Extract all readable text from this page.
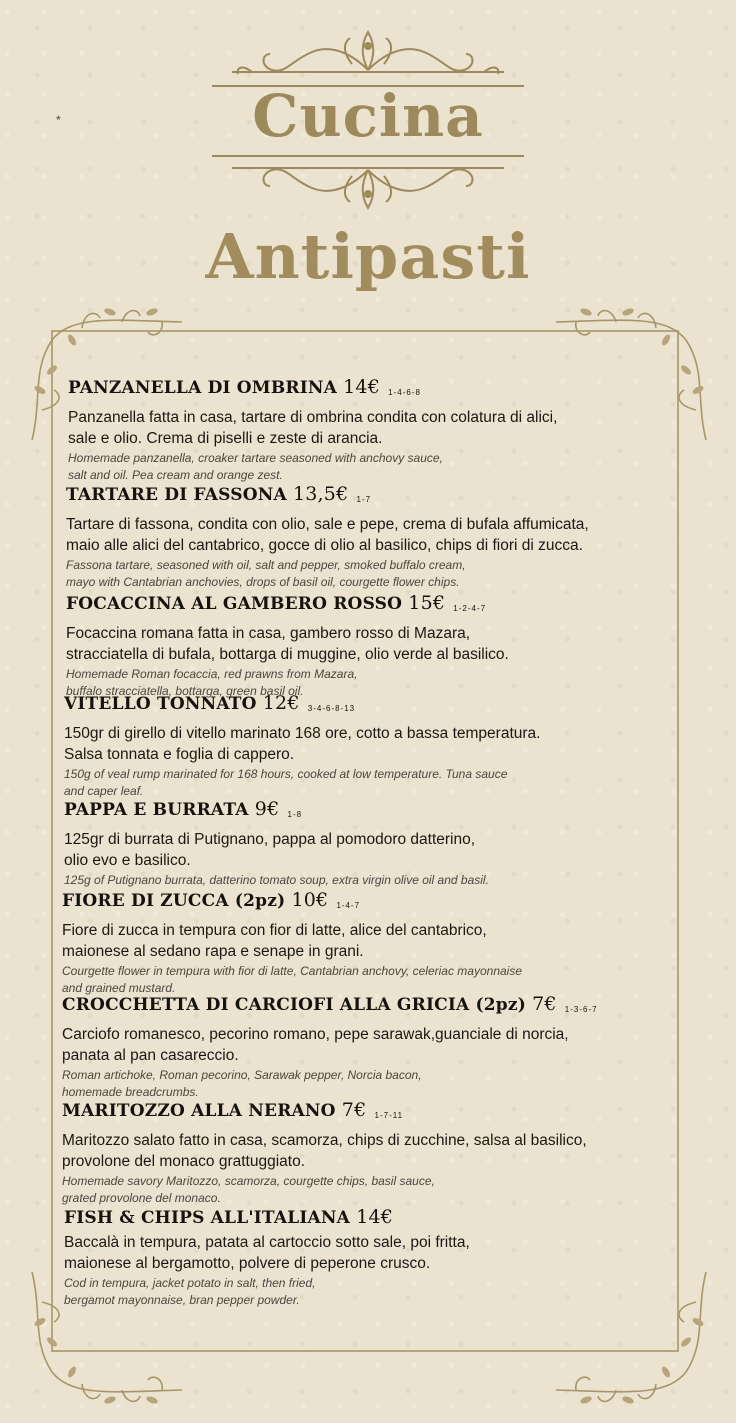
*	Cucina
Antipasti
PANZANELLA DI OMBRINA 14€ 1-4-6-8
Panzanella fatta in casa, tartare di ombrina condita con colatura di alici,
sale e olio. Crema di piselli e zeste di arancia.
Homemade panzanella, croaker tartare seasoned with anchovy sauce,
salt and oil. Pea cream and orange zest.
TARTARE DI FASSONA 13,5€ 1-7
Tartare di fassona, condita con olio, sale e pepe, crema di bufala affumicata,
maio alle alici del cantabrico, gocce di olio al basilico, chips di fiori di zucca.
Fassona tartare, seasoned with oil, salt and pepper, smoked buffalo cream,
mayo with Cantabrian anchovies, drops of basil oil, courgette flower chips.
FOCACCINA AL GAMBERO ROSSO 15€ 1-2-4-7
Focaccina romana fatta in casa, gambero rosso di Mazara,
stracciatella di bufala, bottarga di muggine, olio verde al basilico.
Homemade Roman focaccia, red prawns from Mazara,
buffalo stracciatella, bottarga, green basil oil.
VITELLO TONNATO 12€ 3-4-6-8-13
150gr di girello di vitello marinato 168 ore, cotto a bassa temperatura.
Salsa tonnata e foglia di cappero.
150g of veal rump marinated for 168 hours, cooked at low temperature. Tuna sauce
and caper leaf.
PAPPA E BURRATA 9€ 1-8
125gr di burrata di Putignano, pappa al pomodoro datterino,
olio evo e basilico.
125g of Putignano burrata, datterino tomato soup, extra virgin olive oil and basil.
FIORE DI ZUCCA (2pz) 10€ 1-4-7
Fiore di zucca in tempura con fior di latte, alice del cantabrico,
maionese al sedano rapa e senape in grani.
Courgette flower in tempura with fior di latte, Cantabrian anchovy, celeriac mayonnaise
and grained mustard.
CROCCHETTA DI CARCIOFI ALLA GRICIA (2pz) 7€ 1-3-6-7
Carciofo romanesco, pecorino romano, pepe sarawak,guanciale di norcia,
panata al pan casareccio.
Roman artichoke, Roman pecorino, Sarawak pepper, Norcia bacon,
homemade breadcrumbs.
MARITOZZO ALLA NERANO 7€ 1-7-11
Maritozzo salato fatto in casa, scamorza, chips di zucchine, salsa al basilico,
provolone del monaco grattuggiato.
Homemade savory Maritozzo, scamorza, courgette chips, basil sauce,
grated provolone del monaco.
FISH & CHIPS ALL'ITALIANA 14€
Baccalà in tempura, patata al cartoccio sotto sale, poi fritta,
maionese al bergamotto, polvere di peperone crusco.
Cod in tempura, jacket potato in salt, then fried,
bergamot mayonnaise, bran pepper powder.
